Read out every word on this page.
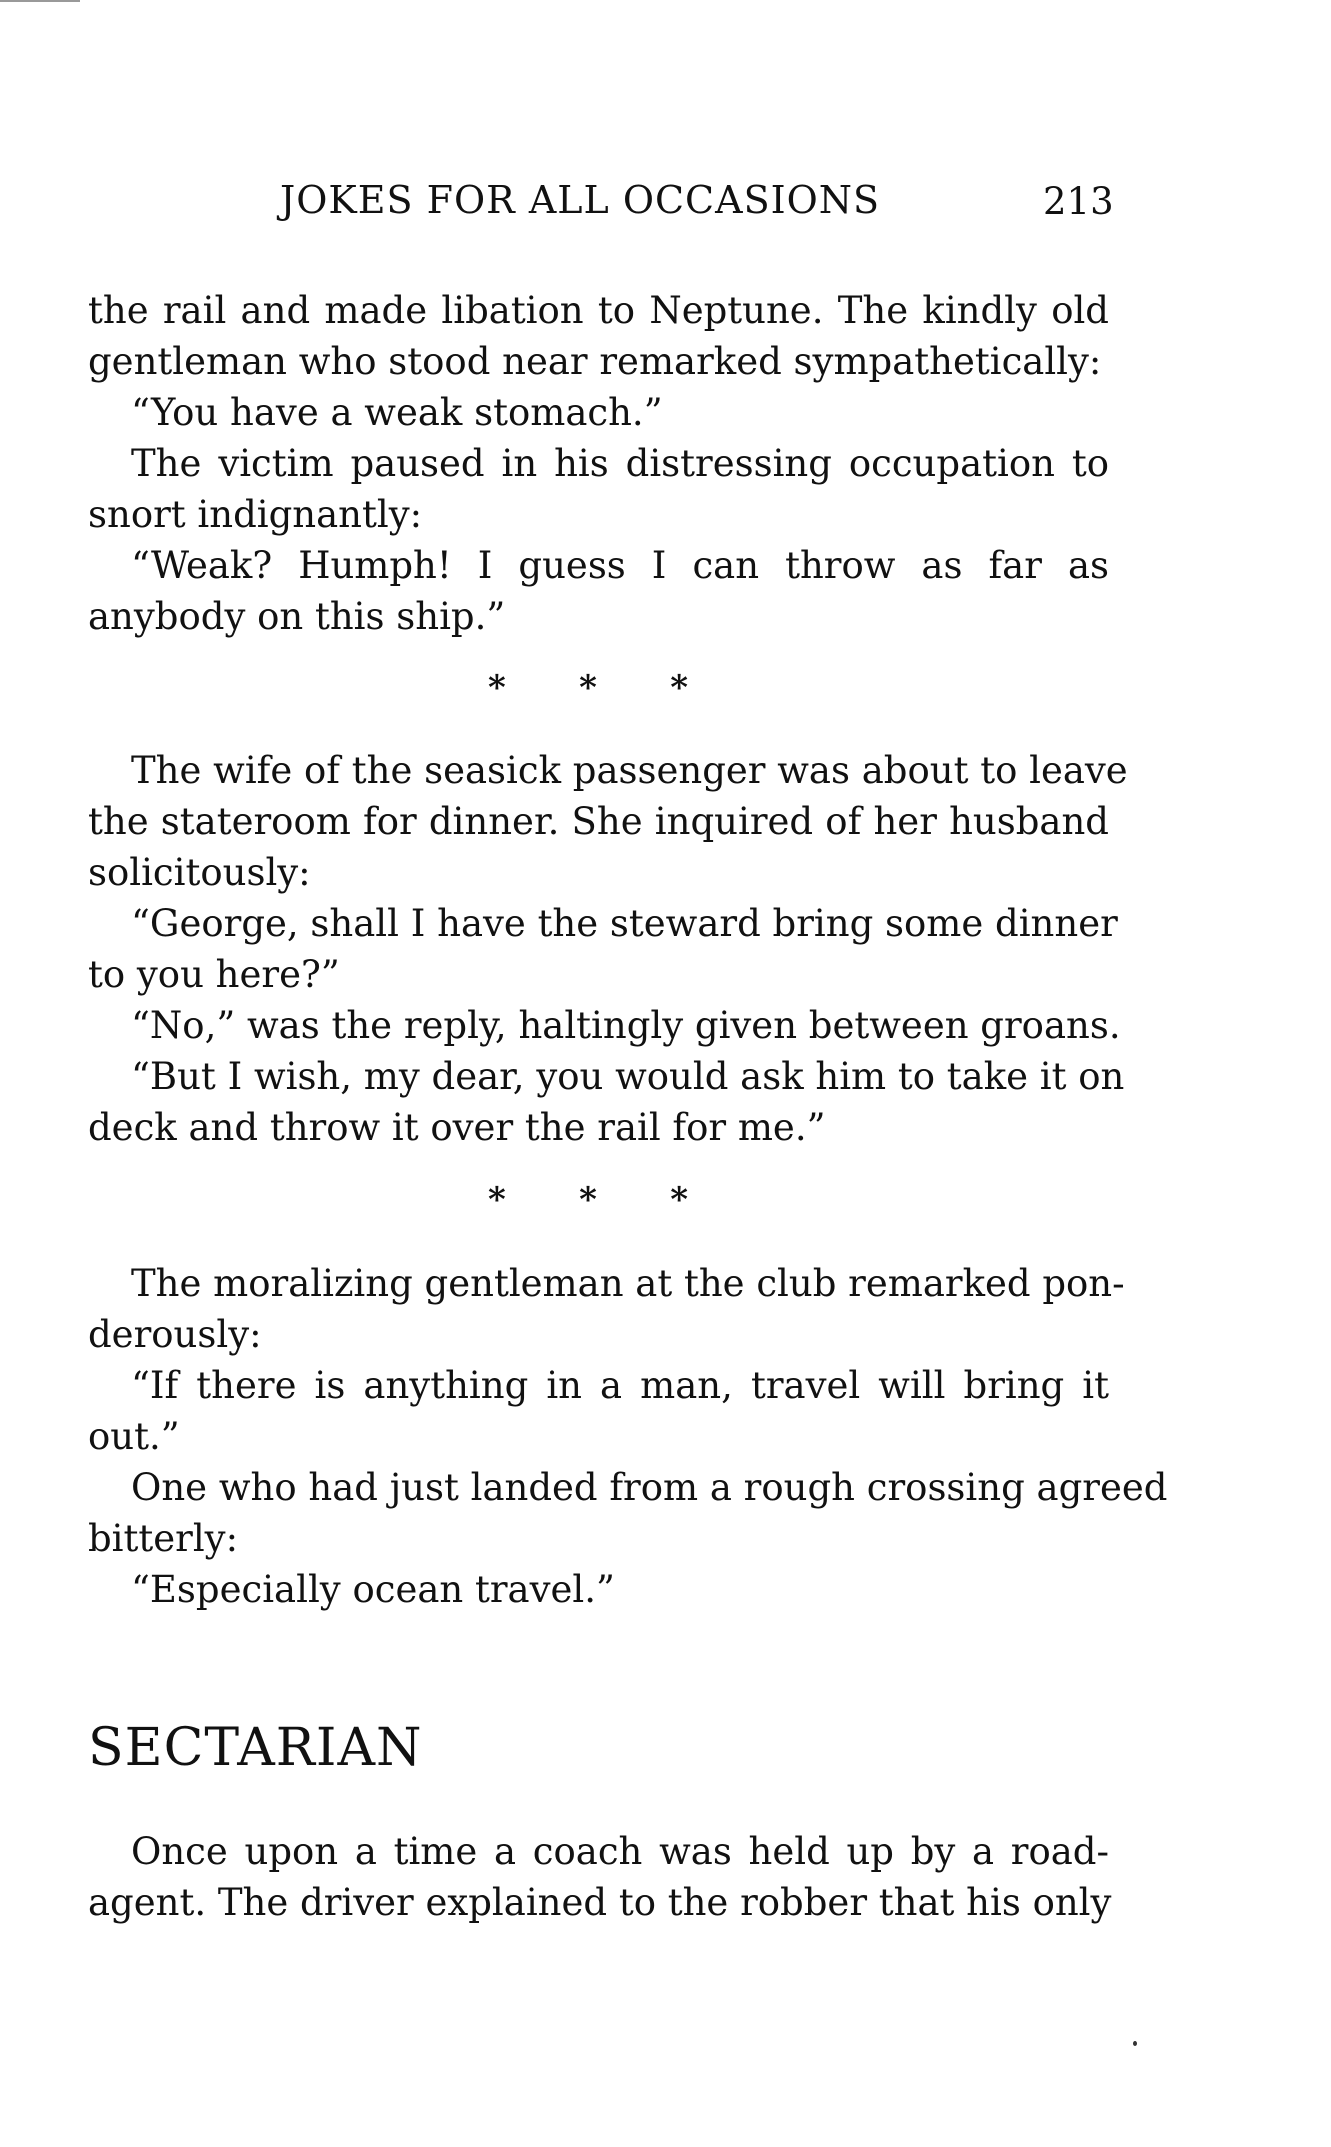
JOKES FOR ALL OCCASIONS	213
the rail and made libation to Neptune. The kindly old
gentleman who stood near remarked sympathetically:
“You have a weak stomach.”
The victim paused in his distressing occupation to
snort indignantly:
“Weak? Humph! I guess I can throw as far as
anybody on this ship.”
* * *
The wife of the seasick passenger was about to leave
the stateroom for dinner. She inquired of her husband
solicitously:
“George, shall I have the steward bring some dinner
to you here?”
“No,” was the reply, haltingly given between groans.
“But I wish, my dear, you would ask him to take it on
deck and throw it over the rail for me.”
* * *
The moralizing gentleman at the club remarked pon-
derously:
“If there is anything in a man, travel will bring it
out.”
One who had just landed from a rough crossing agreed
bitterly:
“Especially ocean travel.”
SECTARIAN
Once upon a time a coach was held up by a road-
agent. The driver explained to the robber that his only
